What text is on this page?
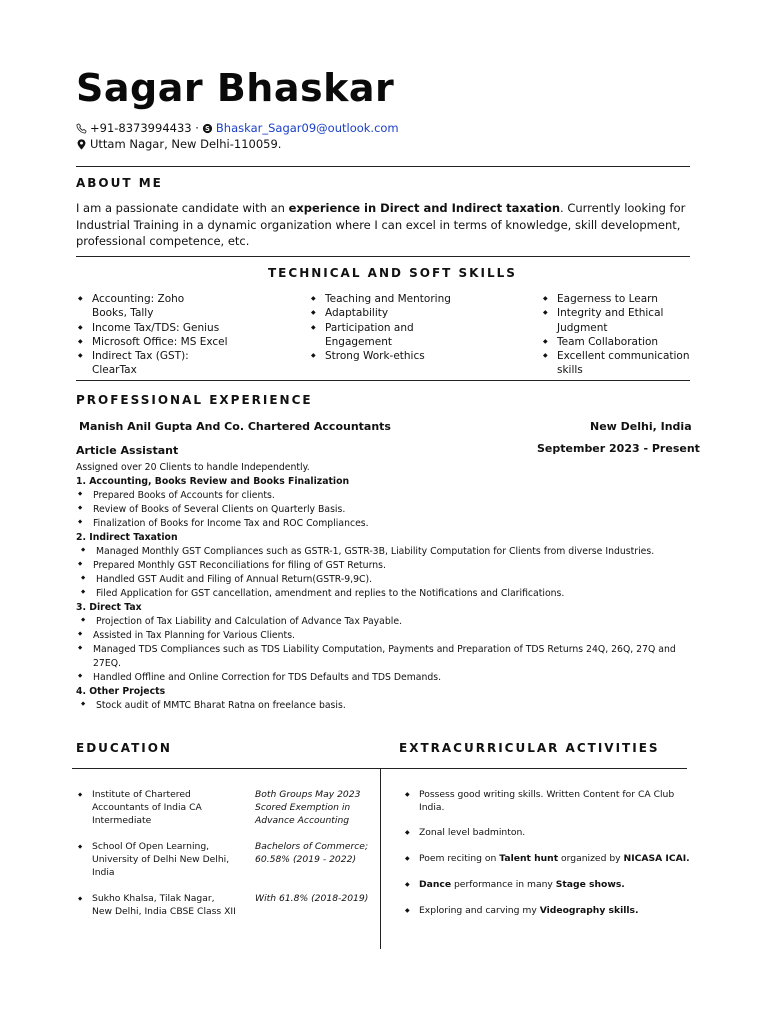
Sagar Bhaskar
+91-8373994433 · S Bhaskar_Sagar09@outlook.com
Uttam Nagar, New Delhi-110059.
ABOUT ME
I am a passionate candidate with an experience in Direct and Indirect taxation. Currently looking for
Industrial Training in a dynamic organization where I can excel in terms of knowledge, skill development,
professional competence, etc.
TECHNICAL AND SOFT SKILLS
◆ Accounting: Zoho Books, Tally
◆ Income Tax/TDS: Genius
◆ Microsoft Office: MS Excel
◆ Indirect Tax (GST): ClearTax
◆ Teaching and Mentoring
◆ Adaptability
◆ Participation and Engagement
◆ Strong Work-ethics
◆ Eagerness to Learn
◆ Integrity and Ethical Judgment
◆ Team Collaboration
◆ Excellent communication skills
PROFESSIONAL EXPERIENCE
Manish Anil Gupta And Co. Chartered Accountants	New Delhi, India
Article Assistant	September 2023 - Present
Assigned over 20 Clients to handle Independently.
1. Accounting, Books Review and Books Finalization
◆ Prepared Books of Accounts for clients.
◆ Review of Books of Several Clients on Quarterly Basis.
◆ Finalization of Books for Income Tax and ROC Compliances.
2. Indirect Taxation
◆ Managed Monthly GST Compliances such as GSTR-1, GSTR-3B, Liability Computation for Clients from diverse Industries.
◆ Prepared Monthly GST Reconciliations for filing of GST Returns.
◆ Handled GST Audit and Filing of Annual Return(GSTR-9,9C).
◆ Filed Application for GST cancellation, amendment and replies to the Notifications and Clarifications.
3. Direct Tax
◆ Projection of Tax Liability and Calculation of Advance Tax Payable.
◆ Assisted in Tax Planning for Various Clients.
◆ Managed TDS Compliances such as TDS Liability Computation, Payments and Preparation of TDS Returns 24Q, 26Q, 27Q and
27EQ.
◆ Handled Offline and Online Correction for TDS Defaults and TDS Demands.
4. Other Projects
◆ Stock audit of MMTC Bharat Ratna on freelance basis.
EDUCATION	EXTRACURRICULAR ACTIVITIES
◆ Institute of Chartered Accountants of India CA Intermediate
Both Groups May 2023 Scored Exemption in Advance Accounting
◆ School Of Open Learning, University of Delhi New Delhi, India
Bachelors of Commerce; 60.58% (2019 - 2022)
◆ Sukho Khalsa, Tilak Nagar, New Delhi, India CBSE Class XII
With 61.8% (2018-2019)
◆ Possess good writing skills. Written Content for CA Club India.
◆ Zonal level badminton.
◆ Poem reciting on Talent hunt organized by NICASA ICAI.
◆ Dance performance in many Stage shows.
◆ Exploring and carving my Videography skills.
